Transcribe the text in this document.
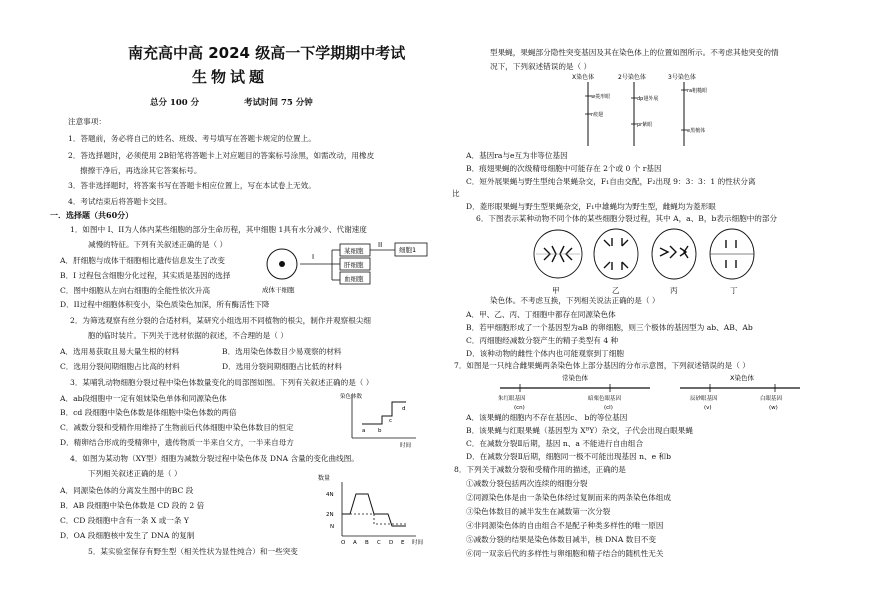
南充高中高 2024 级高一下学期期中考试
生物试题
总分 100 分	考试时间 75 分钟
注意事项：
1．答题前，务必将自己的姓名、班级、考号填写在答题卡规定的位置上。
2．答选择题时，必须使用 2B铅笔将答题卡上对应题目的答案标号涂黑，如需改动，用橡皮
擦擦干净后，再选涂其它答案标号。
3．答非选择题时，将答案书写在答题卡相应位置上，写在本试卷上无效。
4．考试结束后将答题卡交回。
一．选择题（共60分）
1．如图中 I、II为人体内某些细胞的部分生命历程，其中细胞 1具有水分减少、代谢速度
减慢的特征。下列有关叙述正确的是（ ）
A．肝细胞与成体干细胞相比遗传信息发生了改变
B．I 过程包含细胞分化过程，其实质是基因的选择
C．图中细胞从左向右细胞的全能性依次升高
D．II过程中细胞体积变小，染色质染色加深，所有酶活性下降
2．为筛选观察有丝分裂的合适材料，某研究小组选用不同植物的根尖，制作并观察根尖细
胞的临时装片。下列关于选材依据的叙述，不合理的是（ ）
A．选用易获取且易大量生根的材料	B．选用染色体数目少易观察的材料
C．选用分裂间期细胞占比高的材料	D．选用分裂间期细胞占比低的材料
3．某哺乳动物细胞分裂过程中染色体数量变化的局部图如图。下列有关叙述正确的是（ ）
A．ab段细胞中一定有姐妹染色单体和同源染色体
B．cd 段细胞中染色体数是体细胞中染色体数的两倍
C．减数分裂和受精作用维持了生物前后代体细胞中染色体数目的恒定
D．精卵结合形成的受精卵中，遗传物质一半来自父方，一半来自母方
4．如图为某动物（XY型）细胞为减数分裂过程中染色体及 DNA 含量的变化曲线图。
下列相关叙述正确的是（ ）
A．同源染色体的分离发生图中的BC 段
B．AB 段细胞中染色体数是 CD 段的 2 倍
C．CD 段细胞中含有一条 X 或一条 Y
D．OA 段细胞核中发生了 DNA 的复制
5．某实验室保存有野生型（相关性状为显性纯合）和一些突变
成体干细胞
I
某细胞
肝细胞
血细胞
II
细胞1
染色体数
a b
c
d
时间
数量
4N
2N
N
O A B C D E 时间
型果蝇，果蝇部分隐性突变基因及其在染色体上的位置如图所示。不考虑其他突变的情
况下，下列叙述错误的是（ ）
X染色体	2号染色体	3号染色体
w菱形眼
r痕翅
dp翅外展
pr紫眼
ra粗糙眼
e黑檀体
A．基因ra与e互为非等位基因
B．痕翅果蝇的次级精母细胞中可能存在 2个或 0 个 r基因
C．短外展果蝇与野生型纯合果蝇杂交，F₁自由交配，F₂出现 9：3：3：1 的性状分离
比
D．菱形眼果蝇与野生型果蝇杂交，F₁中雄蝇均为野生型，雌蝇均为菱形眼
6．下图表示某种动物不同个体的某些细胞分裂过程，其中 A，a、B，b表示细胞中的部分
甲	乙	丙	丁
染色体。不考虑互换，下列相关说法正确的是（ ）
A．甲、乙、丙、丁细胞中都存在同源染色体
B．若甲细胞形成了一个基因型为aB 的卵细胞，则三个极体的基因型为 ab、AB、Ab
C．丙细胞经减数分裂产生的精子类型有 4 种
D．该种动物的雌性个体内也可能观察到丁细胞
7．如图是一只纯合雌果蝇两条染色体上部分基因的分布示意图，下列叙述错误的是（ ）
常染色体	X染色体
朱红眼基因	暗栗色眼基因	辰砂眼基因	白眼基因
(cn)	(cl)	(v)	(w)
A．该果蝇的细胞内不存在基因c、 b的等位基因
B．该果蝇与红眼果蝇（基因型为 XᴮY）杂交，子代会出现白眼果蝇
C．在减数分裂Ⅱ后期，基因 n、a 不能进行自由组合
D．在减数分裂Ⅱ后期，细胞同一极不可能出现基因 n、e 和b
8．下列关于减数分裂和受精作用的描述，正确的是
①减数分裂包括两次连续的细胞分裂
②同源染色体是由一条染色体经过复制而来的两条染色体组成
③染色体数目的减半发生在减数第一次分裂
④非同源染色体的自由组合不是配子种类多样性的唯一原因
⑤减数分裂的结果是染色体数目减半，核 DNA 数目不变
⑥同一双亲后代的多样性与卵细胞和精子结合的随机性无关
